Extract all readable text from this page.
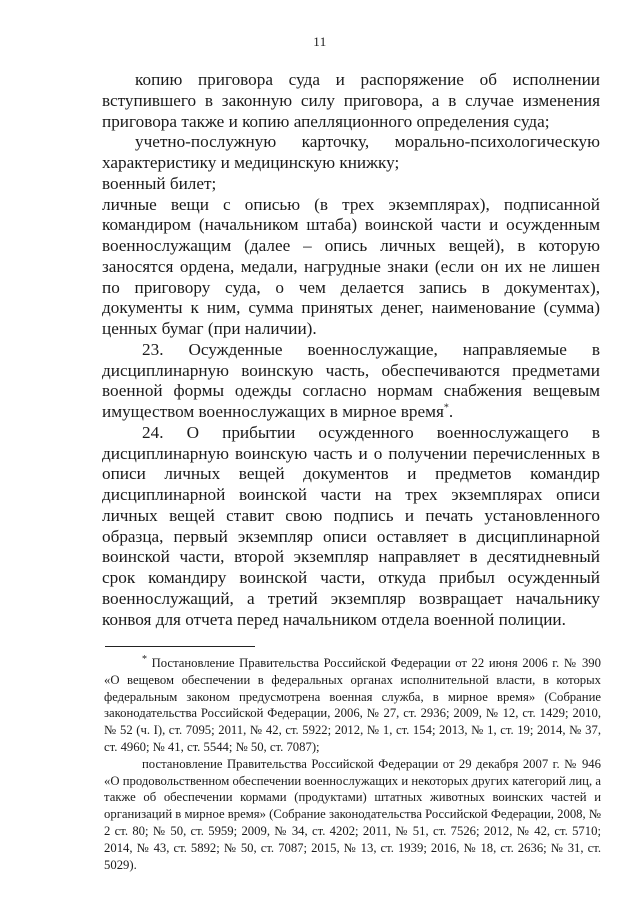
11

копию приговора суда и распоряжение об исполнении вступившего в законную силу приговора, а в случае изменения приговора также и копию апелляционного определения суда;

учетно-послужную карточку, морально-психологическую характеристику и медицинскую книжку;

военный билет;

личные вещи с описью (в трех экземплярах), подписанной командиром (начальником штаба) воинской части и осужденным военнослужащим (далее – опись личных вещей), в которую заносятся ордена, медали, нагрудные знаки (если он их не лишен по приговору суда, о чем делается запись в документах), документы к ним, сумма принятых денег, наименование (сумма) ценных бумаг (при наличии).

23. Осужденные военнослужащие, направляемые в дисциплинарную воинскую часть, обеспечиваются предметами военной формы одежды согласно нормам снабжения вещевым имуществом военнослужащих в мирное время*.

24. О прибытии осужденного военнослужащего в дисциплинарную воинскую часть и о получении перечисленных в описи личных вещей документов и предметов командир дисциплинарной воинской части на трех экземплярах описи личных вещей ставит свою подпись и печать установленного образца, первый экземпляр описи оставляет в дисциплинарной воинской части, второй экземпляр направляет в десятидневный срок командиру воинской части, откуда прибыл осужденный военнослужащий, а третий экземпляр возвращает начальнику конвоя для отчета перед начальником отдела военной полиции.

* Постановление Правительства Российской Федерации от 22 июня 2006 г. № 390 «О вещевом обеспечении в федеральных органах исполнительной власти, в которых федеральным законом предусмотрена военная служба, в мирное время» (Собрание законодательства Российской Федерации, 2006, № 27, ст. 2936; 2009, № 12, ст. 1429; 2010, № 52 (ч. I), ст. 7095; 2011, № 42, ст. 5922; 2012, № 1, ст. 154; 2013, № 1, ст. 19; 2014, № 37, ст. 4960; № 41, ст. 5544; № 50, ст. 7087);

постановление Правительства Российской Федерации от 29 декабря 2007 г. № 946 «О продовольственном обеспечении военнослужащих и некоторых других категорий лиц, а также об обеспечении кормами (продуктами) штатных животных воинских частей и организаций в мирное время» (Собрание законодательства Российской Федерации, 2008, № 2 ст. 80; № 50, ст. 5959; 2009, № 34, ст. 4202; 2011, № 51, ст. 7526; 2012, № 42, ст. 5710; 2014, № 43, ст. 5892; № 50, ст. 7087; 2015, № 13, ст. 1939; 2016, № 18, ст. 2636; № 31, ст. 5029).
